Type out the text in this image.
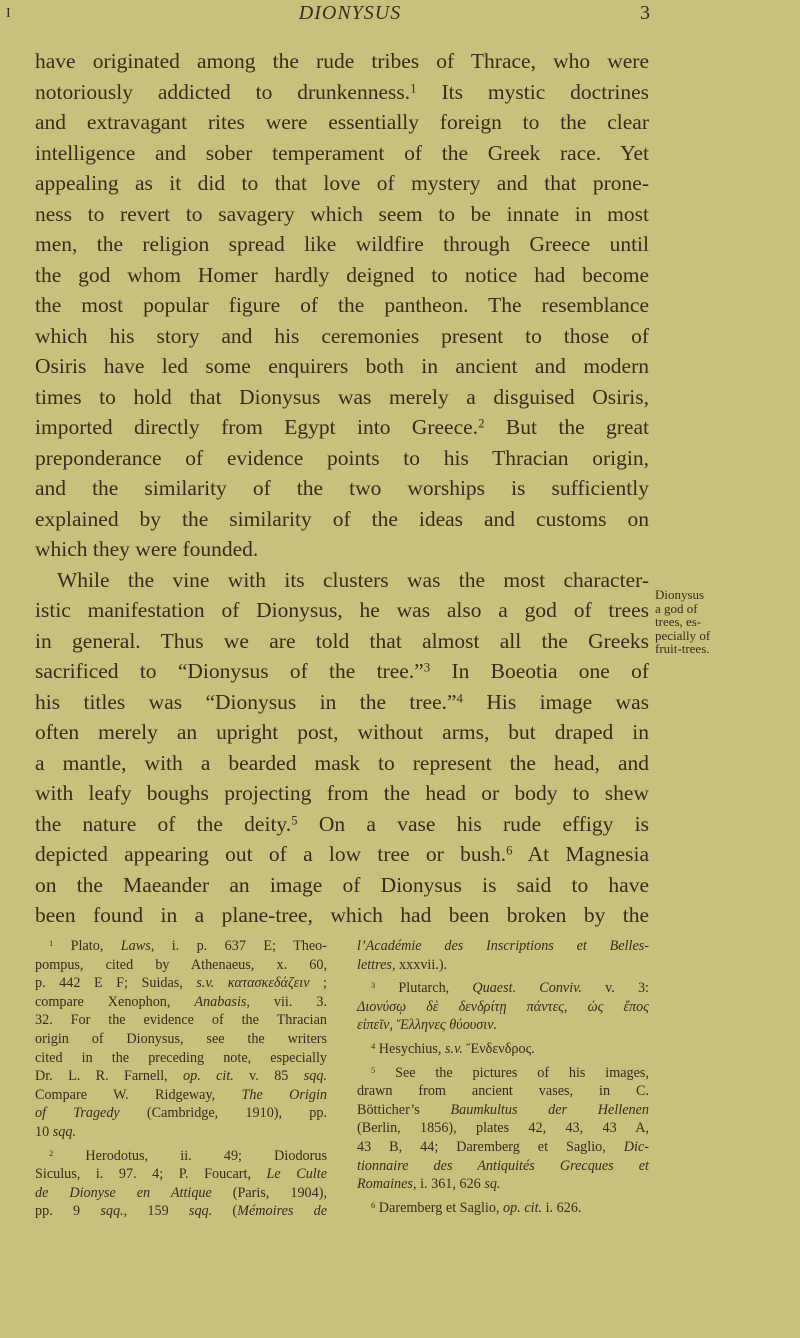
I	DIONYSUS	3
have originated among the rude tribes of Thrace, who were
notoriously addicted to drunkenness.$^1$ Its mystic doctrines
and extravagant rites were essentially foreign to the clear
intelligence and sober temperament of the Greek race. Yet
appealing as it did to that love of mystery and that prone-
ness to revert to savagery which seem to be innate in most
men, the religion spread like wildfire through Greece until
the god whom Homer hardly deigned to notice had become
the most popular figure of the pantheon. The resemblance
which his story and his ceremonies present to those of
Osiris have led some enquirers both in ancient and modern
times to hold that Dionysus was merely a disguised Osiris,
imported directly from Egypt into Greece.$^2$ But the great
preponderance of evidence points to his Thracian origin,
and the similarity of the two worships is sufficiently
explained by the similarity of the ideas and customs on
which they were founded.
While the vine with its clusters was the most character-
istic manifestation of Dionysus, he was also a god of trees
in general. Thus we are told that almost all the Greeks
sacrificed to “Dionysus of the tree.”$^3$ In Boeotia one of
his titles was “Dionysus in the tree.”$^4$ His image was
often merely an upright post, without arms, but draped in
a mantle, with a bearded mask to represent the head, and
with leafy boughs projecting from the head or body to shew
the nature of the deity.$^5$ On a vase his rude effigy is
depicted appearing out of a low tree or bush.$^6$ At Magnesia
on the Maeander an image of Dionysus is said to have
been found in a plane-tree, which had been broken by the
Dionysus
a god of
trees, es-
pecially of
fruit-trees.
$^1$ Plato, Laws, i. p. 637 E; Theo-
pompus, cited by Athenaeus, x. 60,
p. 442 E F; Suidas, s.v. κατασκεδάζειν ;
compare Xenophon, Anabasis, vii. 3.
32. For the evidence of the Thracian
origin of Dionysus, see the writers
cited in the preceding note, especially
Dr. L. R. Farnell, op. cit. v. 85 sqq.
Compare W. Ridgeway, The Origin
of Tragedy (Cambridge, 1910), pp.
10 sqq.
$^2$ Herodotus, ii. 49; Diodorus
Siculus, i. 97. 4; P. Foucart, Le Culte
de Dionyse en Attique (Paris, 1904),
pp. 9 sqq., 159 sqq. (Mémoires de
l’Académie des Inscriptions et Belles-
lettres, xxxvii.).
$^3$ Plutarch, Quaest. Conviv. v. 3:
Διονύσῳ δὲ δενδρίτῃ πάντες, ὡς ἔπος
εἰπεῖν, Ἕλληνες θύουσιν.
$^4$ Hesychius, s.v. Ἔνδενδρος.
$^5$ See the pictures of his images,
drawn from ancient vases, in C.
Bötticher’s Baumkultus der Hellenen
(Berlin, 1856), plates 42, 43, 43 A,
43 B, 44; Daremberg et Saglio, Dic-
tionnaire des Antiquités Grecques et
Romaines, i. 361, 626 sq.
$^6$ Daremberg et Saglio, op. cit. i. 626.
